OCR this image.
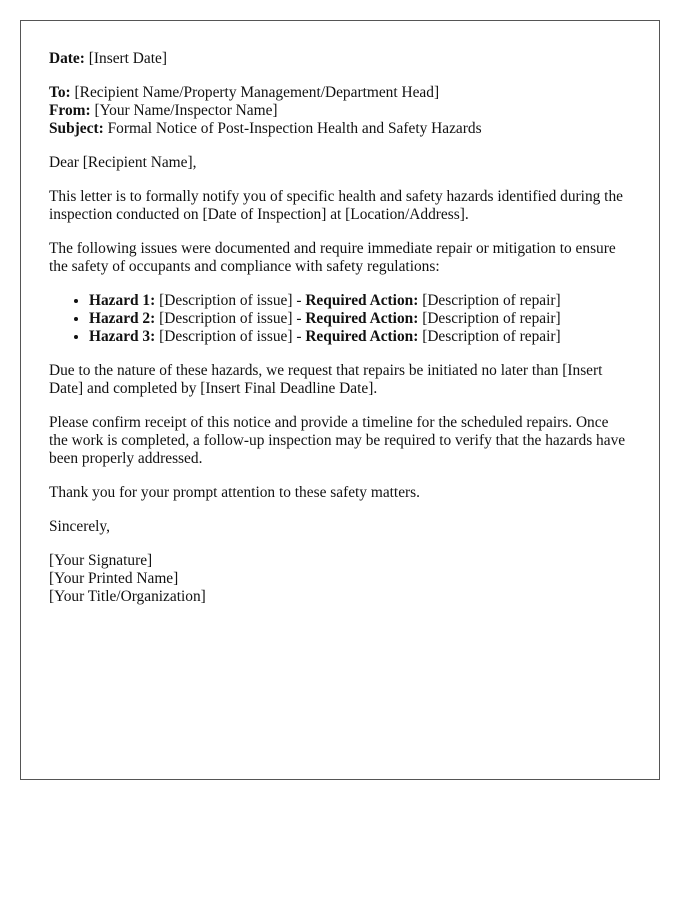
Date: [Insert Date]

To: [Recipient Name/Property Management/Department Head]

From: [Your Name/Inspector Name]

Subject: Formal Notice of Post-Inspection Health and Safety Hazards

Dear [Recipient Name],

This letter is to formally notify you of specific health and safety hazards identified during the inspection conducted on [Date of Inspection] at [Location/Address].

The following issues were documented and require immediate repair or mitigation to ensure the safety of occupants and compliance with safety regulations:

• Hazard 1: [Description of issue] - Required Action: [Description of repair]
• Hazard 2: [Description of issue] - Required Action: [Description of repair]
• Hazard 3: [Description of issue] - Required Action: [Description of repair]

Due to the nature of these hazards, we request that repairs be initiated no later than [Insert Date] and completed by [Insert Final Deadline Date].

Please confirm receipt of this notice and provide a timeline for the scheduled repairs. Once the work is completed, a follow-up inspection may be required to verify that the hazards have been properly addressed.

Thank you for your prompt attention to these safety matters.

Sincerely,

[Your Signature]

[Your Printed Name]

[Your Title/Organization]
